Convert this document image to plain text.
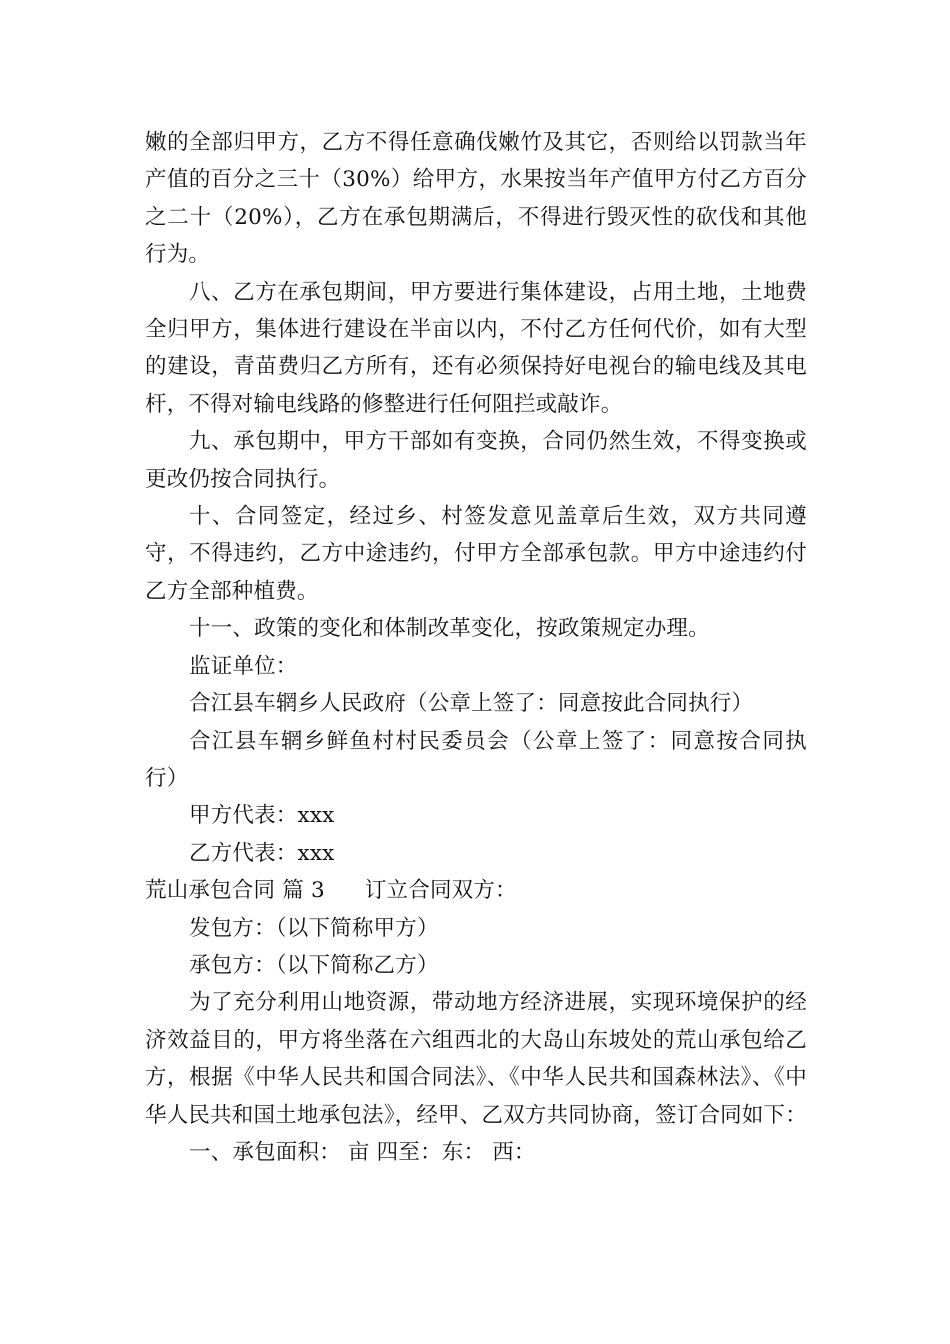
嫩的全部归甲方，乙方不得任意确伐嫩竹及其它，否则给以罚款当年产值的百分之三十（30%）给甲方，水果按当年产值甲方付乙方百分之二十（20%），乙方在承包期满后，不得进行毁灭性的砍伐和其他行为。

八、乙方在承包期间，甲方要进行集体建设，占用土地，土地费全归甲方，集体进行建设在半亩以内，不付乙方任何代价，如有大型的建设，青苗费归乙方所有，还有必须保持好电视台的输电线及其电杆，不得对输电线路的修整进行任何阻拦或敲诈。

九、承包期中，甲方干部如有变换，合同仍然生效，不得变换或更改仍按合同执行。

十、合同签定，经过乡、村签发意见盖章后生效，双方共同遵守，不得违约，乙方中途违约，付甲方全部承包款。甲方中途违约付乙方全部种植费。

十一、政策的变化和体制改革变化，按政策规定办理。

监证单位：

合江县车辋乡人民政府（公章上签了：同意按此合同执行）

合江县车辋乡鲜鱼村村民委员会（公章上签了：同意按合同执行）

甲方代表：xxx

乙方代表：xxx

荒山承包合同 篇 3 订立合同双方：

发包方：（以下简称甲方）

承包方：（以下简称乙方）

为了充分利用山地资源，带动地方经济进展，实现环境保护的经济效益目的，甲方将坐落在六组西北的大岛山东坡处的荒山承包给乙方，根据《中华人民共和国合同法》、《中华人民共和国森林法》、《中华人民共和国土地承包法》，经甲、乙双方共同协商，签订合同如下：

一、承包面积： 亩 四至：东： 西：
